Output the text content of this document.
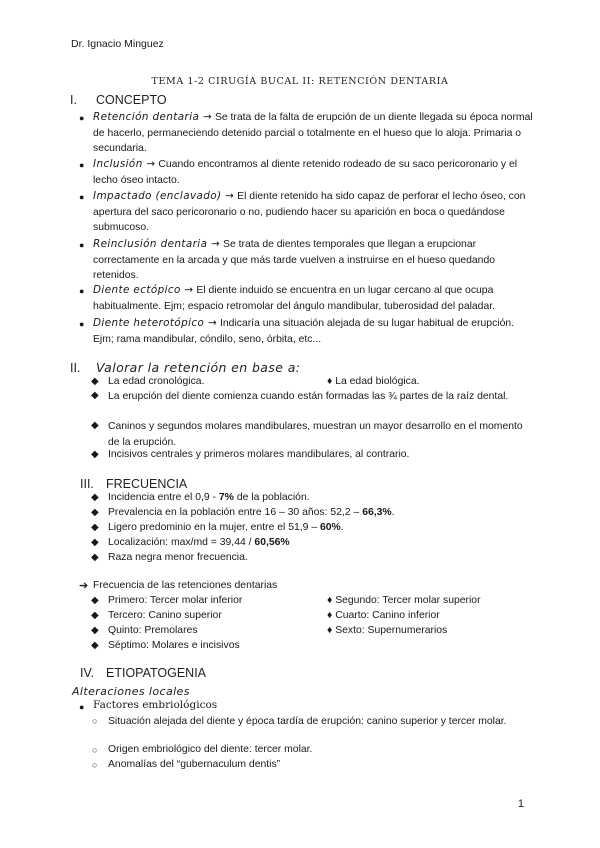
Dr. Ignacio Minguez
TEMA 1-2 CIRUGÍA BUCAL II: RETENCIÓN DENTARIA
I. CONCEPTO
● Retención dentaria → Se trata de la falta de erupción de un diente llegada su época normal de hacerlo, permaneciendo detenido parcial o totalmente en el hueso que lo aloja. Primaria o secundaria.
● Inclusión → Cuando encontramos al diente retenido rodeado de su saco pericoronario y el lecho óseo intacto.
● Impactado (enclavado) → El diente retenido ha sido capaz de perforar el lecho óseo, con apertura del saco pericoronario o no, pudiendo hacer su aparición en boca o quedándose submucoso.
● Reinclusión dentaria → Se trata de dientes temporales que llegan a erupcionar correctamente en la arcada y que más tarde vuelven a instruirse en el hueso quedando retenidos.
● Diente ectópico → El diente induido se encuentra en un lugar cercano al que ocupa habitualmente. Ejm; espacio retromolar del ángulo mandibular, tuberosidad del paladar.
● Diente heterotópico → Indicaría una situación alejada de su lugar habitual de erupción. Ejm; rama mandibular, cóndilo, seno, órbita, etc...
II. Valorar la retención en base a:
◆ La edad cronológica.	♦ La edad biológica.
◆ La erupción del diente comienza cuando están formadas las ¾ partes de la raíz dental.
◆ Caninos y segundos molares mandibulares, muestran un mayor desarrollo en el momento de la erupción.
◆ Incisivos centrales y primeros molares mandibulares, al contrario.
III. FRECUENCIA
◆ Incidencia entre el 0,9 - 7% de la población.
◆ Prevalencia en la población entre 16 – 30 años: 52,2 – 66,3%.
◆ Ligero predominio en la mujer, entre el 51,9 – 60%.
◆ Localización: max/md = 39,44 / 60,56%
◆ Raza negra menor frecuencia.
➔ Frecuencia de las retenciones dentarias
◆ Primero: Tercer molar inferior	♦ Segundo: Tercer molar superior
◆ Tercero: Canino superior	♦ Cuarto: Canino inferior
◆ Quinto: Premolares	♦ Sexto: Supernumerarios
◆ Séptimo: Molares e incisivos
IV. ETIOPATOGENIA
Alteraciones locales
● Factores embriológicos
○ Situación alejada del diente y época tardía de erupción: canino superior y tercer molar.
○ Origen embriológico del diente: tercer molar.
○ Anomalías del “gubernaculum dentis”
1
